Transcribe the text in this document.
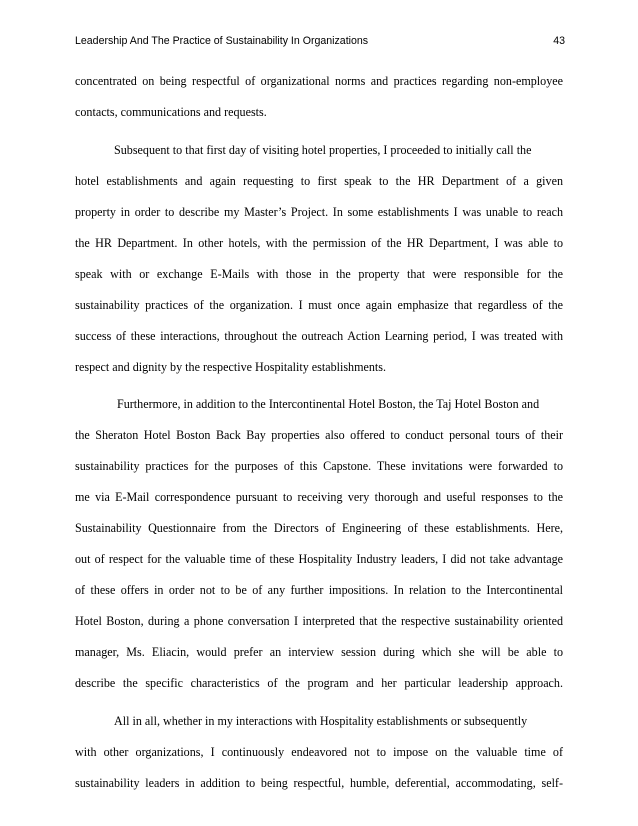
Leadership And The Practice of Sustainability In Organizations	43
concentrated on being respectful of organizational norms and practices regarding non-employee
contacts, communications and requests.
Subsequent to that first day of visiting hotel properties, I proceeded to initially call the
hotel establishments and again requesting to first speak to the HR Department of a given
property in order to describe my Master’s Project. In some establishments I was unable to reach
the HR Department. In other hotels, with the permission of the HR Department, I was able to
speak with or exchange E-Mails with those in the property that were responsible for the
sustainability practices of the organization. I must once again emphasize that regardless of the
success of these interactions, throughout the outreach Action Learning period, I was treated with
respect and dignity by the respective Hospitality establishments.
Furthermore, in addition to the Intercontinental Hotel Boston, the Taj Hotel Boston and
the Sheraton Hotel Boston Back Bay properties also offered to conduct personal tours of their
sustainability practices for the purposes of this Capstone. These invitations were forwarded to
me via E-Mail correspondence pursuant to receiving very thorough and useful responses to the
Sustainability Questionnaire from the Directors of Engineering of these establishments. Here,
out of respect for the valuable time of these Hospitality Industry leaders, I did not take advantage
of these offers in order not to be of any further impositions. In relation to the Intercontinental
Hotel Boston, during a phone conversation I interpreted that the respective sustainability oriented
manager, Ms. Eliacin, would prefer an interview session during which she will be able to
describe the specific characteristics of the program and her particular leadership approach.
All in all, whether in my interactions with Hospitality establishments or subsequently
with other organizations, I continuously endeavored not to impose on the valuable time of
sustainability leaders in addition to being respectful, humble, deferential, accommodating, self-
